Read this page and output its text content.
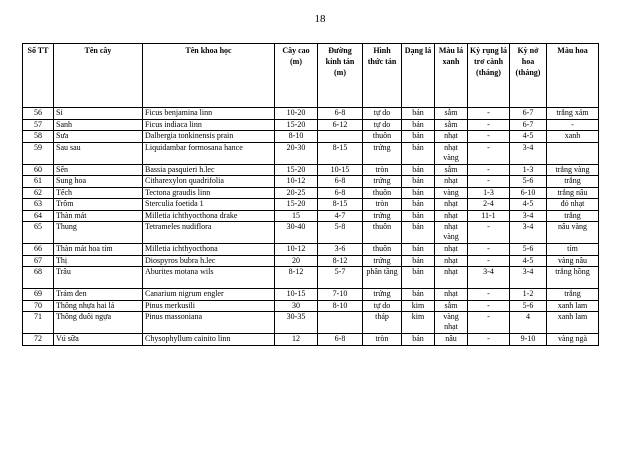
18
Số TT	Tên cây	Tên khoa học	Cây cao (m)	Đường kính tán (m)	Hình thức tán	Dạng lá	Màu lá xanh	Kỳ rụng lá trơ cành (tháng)	Kỳ nở hoa (tháng)	Màu hoa
56	Si	Ficus benjamina linn	10-20	6-8	tự do	bản	sẫm	-	6-7	trắng xám
57	Sanh	Ficus indiaca linn	15-20	6-12	tự do	bản	sẫm	-	6-7	-
58	Sưa	Dalbergia tonkinensis prain	8-10		thuôn	bản	nhạt	-	4-5	xanh
59	Sau sau	Liquidambar formosana hance	20-30	8-15	trứng	bản	nhạt vàng	-	3-4	
60	Sến	Bassia pasquieri h.lec	15-20	10-15	tròn	bản	sẫm	-	1-3	trắng vàng
61	Sung hoa	Citharexylon quadrifolia	10-12	6-8	trứng	bản	nhạt	-	5-6	trắng
62	Tếch	Tectona graudis linn	20-25	6-8	thuôn	bản	vàng	1-3	6-10	trắng nâu
63	Trôm	Sterculia foetida 1	15-20	8-15	tròn	bản	nhạt	2-4	4-5	đỏ nhạt
64	Thàn mát	Milletia ichthyocthona drake	15	4-7	trứng	bản	nhạt	11-1	3-4	trắng
65	Thung	Tetrameles nudiflora	30-40	5-8	thuôn	bản	nhạt vàng	-	3-4	nâu vàng
66	Thàn mát hoa tím	Milletia ichthyocthona	10-12	3-6	thuôn	bản	nhạt	-	5-6	tím
67	Thị	Diospyros bubra h.lec	20	8-12	trứng	bản	nhạt	-	4-5	vàng nâu
68	Trâu	Aburites motana wils	8-12	5-7	phân tầng	bản	nhạt	3-4	3-4	trắng hồng
69	Trám đen	Canarium nigrum engler	10-15	7-10	trứng	bản	nhạt	-	1-2	trắng
70	Thông nhựa hai lá	Pinus merkusili	30	8-10	tự do	kim	sẫm	-	5-6	xanh lam
71	Thông đuôi ngựa	Pinus massoniana	30-35		tháp	kim	vàng nhạt	-	4	xanh lam
72	Vú sữa	Chysophyllum cainito linn	12	6-8	tròn	bản	nâu	-	9-10	vàng ngà
